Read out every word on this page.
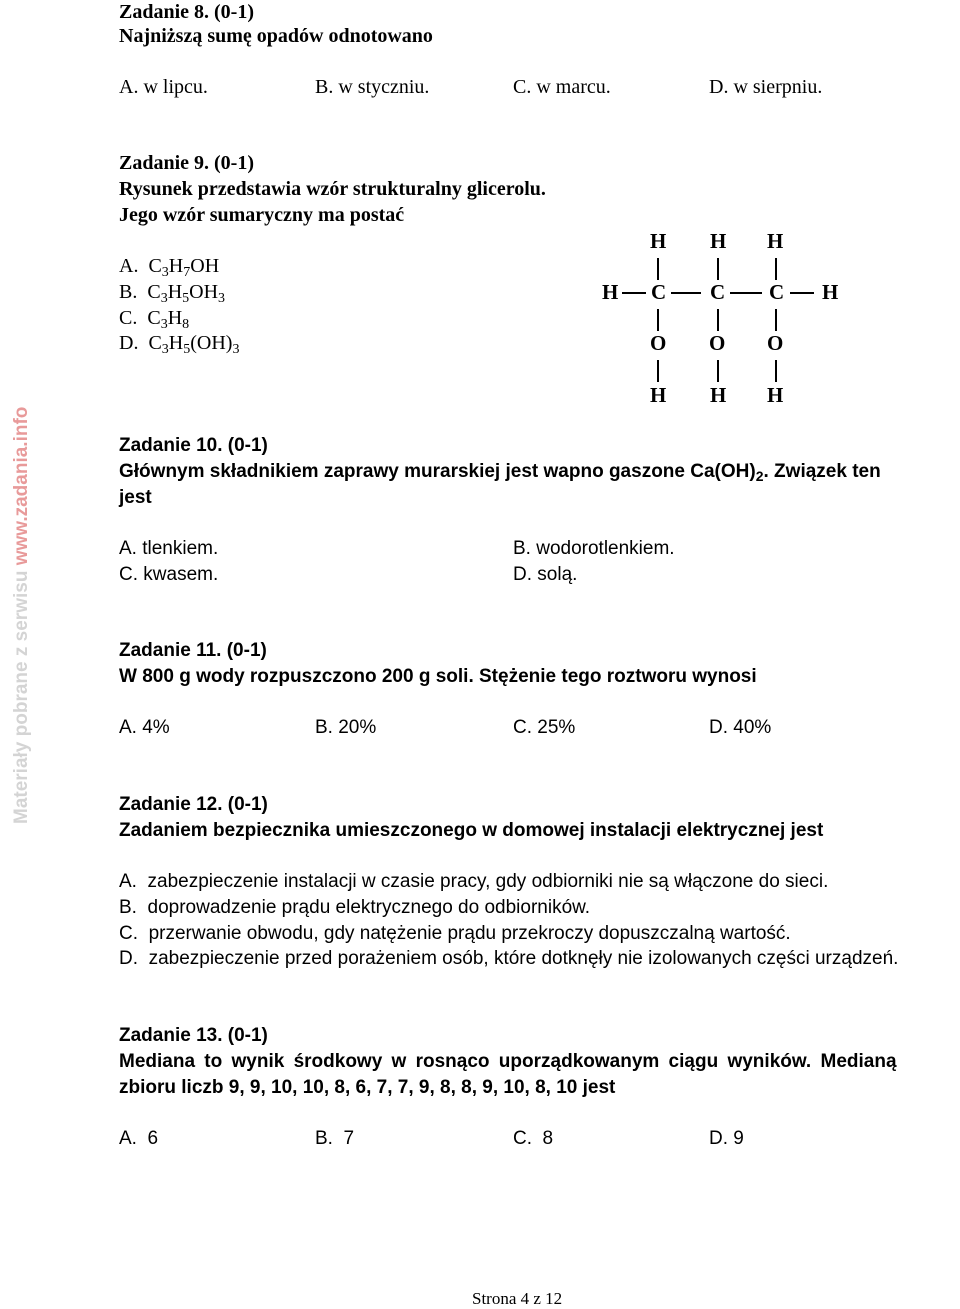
Materiały pobrane z serwisu www.zadania.info
Zadanie 8. (0-1)
Najniższą sumę opadów odnotowano
A. w lipcu.	B. w styczniu.	C. w marcu.	D. w sierpniu.
Zadanie 9. (0-1)
Rysunek przedstawia wzór strukturalny glicerolu.
Jego wzór sumaryczny ma postać
A. $C_3H_7OH$
B. $C_3H_5OH_3$
C. $C_3H_8$
D. $C_3H_5(OH)_3$
H H H
H C C C H
O O O
H H H
Zadanie 10. (0-1)
Głównym składnikiem zaprawy murarskiej jest wapno gaszone $Ca(OH)_2$. Związek ten
jest
A. tlenkiem.	B. wodorotlenkiem.
C. kwasem.	D. solą.
Zadanie 11. (0-1)
W 800 g wody rozpuszczono 200 g soli. Stężenie tego roztworu wynosi
A. 4%	B. 20%	C. 25%	D. 40%
Zadanie 12. (0-1)
Zadaniem bezpiecznika umieszczonego w domowej instalacji elektrycznej jest
A. zabezpieczenie instalacji w czasie pracy, gdy odbiorniki nie są włączone do sieci.
B. doprowadzenie prądu elektrycznego do odbiorników.
C. przerwanie obwodu, gdy natężenie prądu przekroczy dopuszczalną wartość.
D. zabezpieczenie przed porażeniem osób, które dotknęły nie izolowanych części urządzeń.
Zadanie 13. (0-1)
Mediana to wynik środkowy w rosnąco uporządkowanym ciągu wyników. Medianą
zbioru liczb 9, 9, 10, 10, 8, 6, 7, 7, 9, 8, 8, 9, 10, 8, 10 jest
A.  6	B.  7	C.  8	D. 9
Strona 4 z 12
